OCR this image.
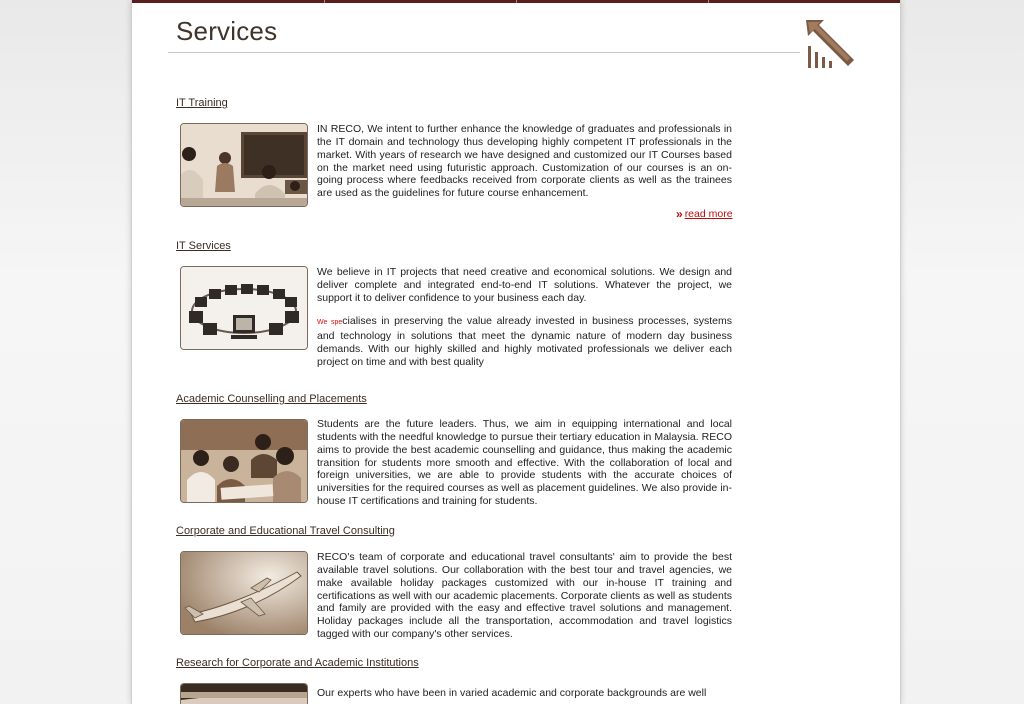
Services
IT Training

IN RECO, We intent to further enhance the knowledge of graduates and professionals in the IT domain and technology thus developing highly competent IT professionals in the market. With years of research we have designed and customized our IT Courses based on the market need using futuristic approach. Customization of our courses is an on-going process where feedbacks received from corporate clients as well as the trainees are used as the guidelines for future course enhancement.

» read more
IT Services

We believe in IT projects that need creative and economical solutions. We design and deliver complete and integrated end-to-end IT solutions. Whatever the project, we support it to deliver confidence to your business each day.

We specialises in preserving the value already invested in business processes, systems and technology in solutions that meet the dynamic nature of modern day business demands. With our highly skilled and highly motivated professionals we deliver each project on time and with best quality

Academic Counselling and Placements

Students are the future leaders. Thus, we aim in equipping international and local students with the needful knowledge to pursue their tertiary education in Malaysia. RECO aims to provide the best academic counselling and guidance, thus making the academic transition for students more smooth and effective. With the collaboration of local and foreign universities, we are able to provide students with the accurate choices of universities for the required courses as well as placement guidelines. We also provide in-house IT certifications and training for students.

Corporate and Educational Travel Consulting

RECO's team of corporate and educational travel consultants' aim to provide the best available travel solutions. Our collaboration with the best tour and travel agencies, we make available holiday packages customized with our in-house IT training and certifications as well with our academic placements. Corporate clients as well as students and family are provided with the easy and effective travel solutions and management. Holiday packages include all the transportation, accommodation and travel logistics tagged with our company's other services.

Research for Corporate and Academic Institutions

Our experts who have been in varied academic and corporate backgrounds are well
